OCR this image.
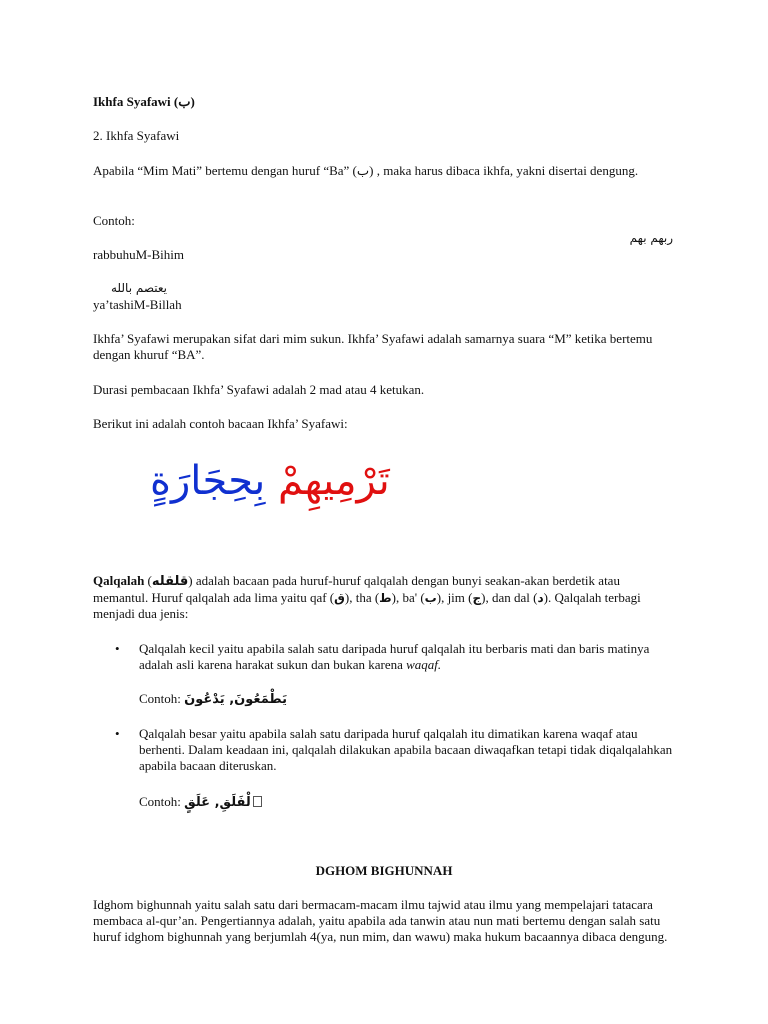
Ikhfa Syafawi (ب)

2. Ikhfa Syafawi

Apabila “Mim Mati” bertemu dengan huruf “Ba” (ب) , maka harus dibaca ikhfa, yakni disertai dengung.

Contoh:

ربهم بهم

rabbuhuM-Bihim

يعتصم بالله

ya’tashiM-Billah

Ikhfa’ Syafawi merupakan sifat dari mim sukun. Ikhfa’ Syafawi adalah samarnya suara “M” ketika bertemu dengan khuruf “BA”.

Durasi pembacaan Ikhfa’ Syafawi adalah 2 mad atau 4 ketukan.

Berikut ini adalah contoh bacaan Ikhfa’ Syafawi:

تَرْمِيهِمْ بِحِجَارَةٍ

Qalqalah (قلقله) adalah bacaan pada huruf-huruf qalqalah dengan bunyi seakan-akan berdetik atau memantul. Huruf qalqalah ada lima yaitu qaf (ق), tha (ط), ba' (ب), jim (ج), dan dal (د). Qalqalah terbagi menjadi dua jenis:

• Qalqalah kecil yaitu apabila salah satu daripada huruf qalqalah itu berbaris mati dan baris matinya adalah asli karena harakat sukun dan bukan karena waqaf.

Contoh: يَطْمَعُونَ, يَدْعُونَ

• Qalqalah besar yaitu apabila salah satu daripada huruf qalqalah itu dimatikan karena waqaf atau berhenti. Dalam keadaan ini, qalqalah dilakukan apabila bacaan diwaqafkan tetapi tidak diqalqalahkan apabila bacaan diteruskan.

Contoh: لْفَلَقِ, عَلَقٍ

DGHOM BIGHUNNAH

Idghom bighunnah yaitu salah satu dari bermacam-macam ilmu tajwid atau ilmu yang mempelajari tatacara membaca al-qur’an. Pengertiannya adalah, yaitu apabila ada tanwin atau nun mati bertemu dengan salah satu huruf idghom bighunnah yang berjumlah 4(ya, nun mim, dan wawu) maka hukum bacaannya dibaca dengung.
